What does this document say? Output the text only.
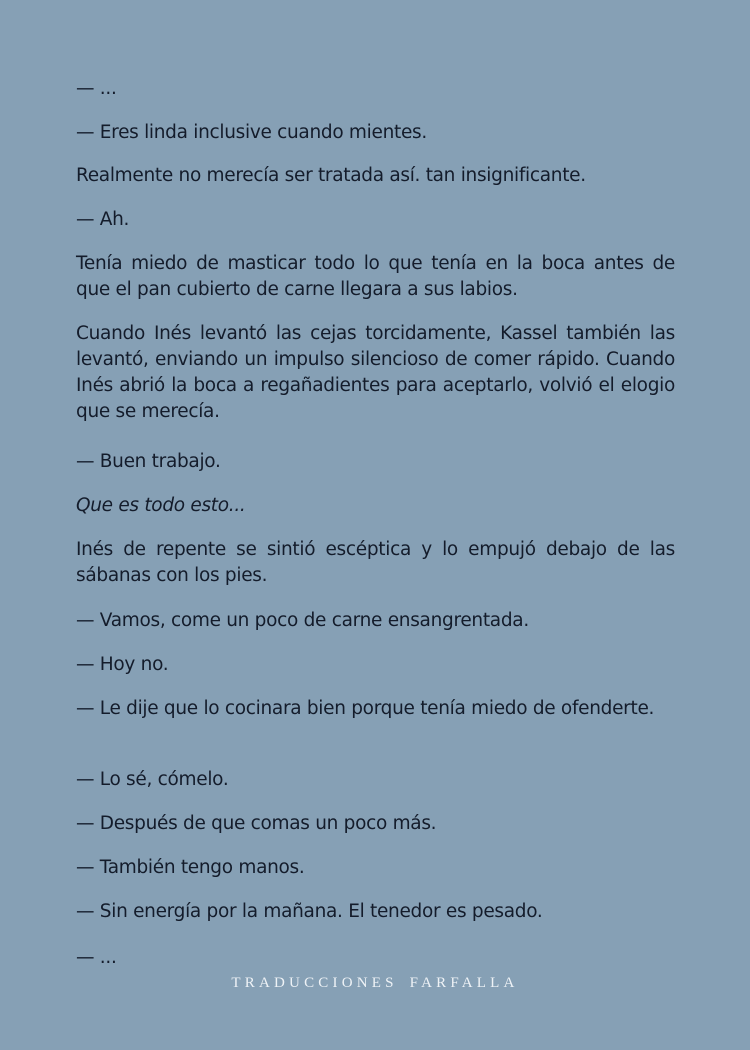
— ...

— Eres linda inclusive cuando mientes.

Realmente no merecía ser tratada así. tan insignificante.

— Ah.

Tenía miedo de masticar todo lo que tenía en la boca antes de que el pan cubierto de carne llegara a sus labios.

Cuando Inés levantó las cejas torcidamente, Kassel también las levantó, enviando un impulso silencioso de comer rápido. Cuando Inés abrió la boca a regañadientes para aceptarlo, volvió el elogio que se merecía.

— Buen trabajo.

Que es todo esto...

Inés de repente se sintió escéptica y lo empujó debajo de las sábanas con los pies.

— Vamos, come un poco de carne ensangrentada.

— Hoy no.

— Le dije que lo cocinara bien porque tenía miedo de ofenderte.

— Lo sé, cómelo.

— Después de que comas un poco más.

— También tengo manos.

— Sin energía por la mañana. El tenedor es pesado.

— ...

TRADUCCIONES FARFALLA
